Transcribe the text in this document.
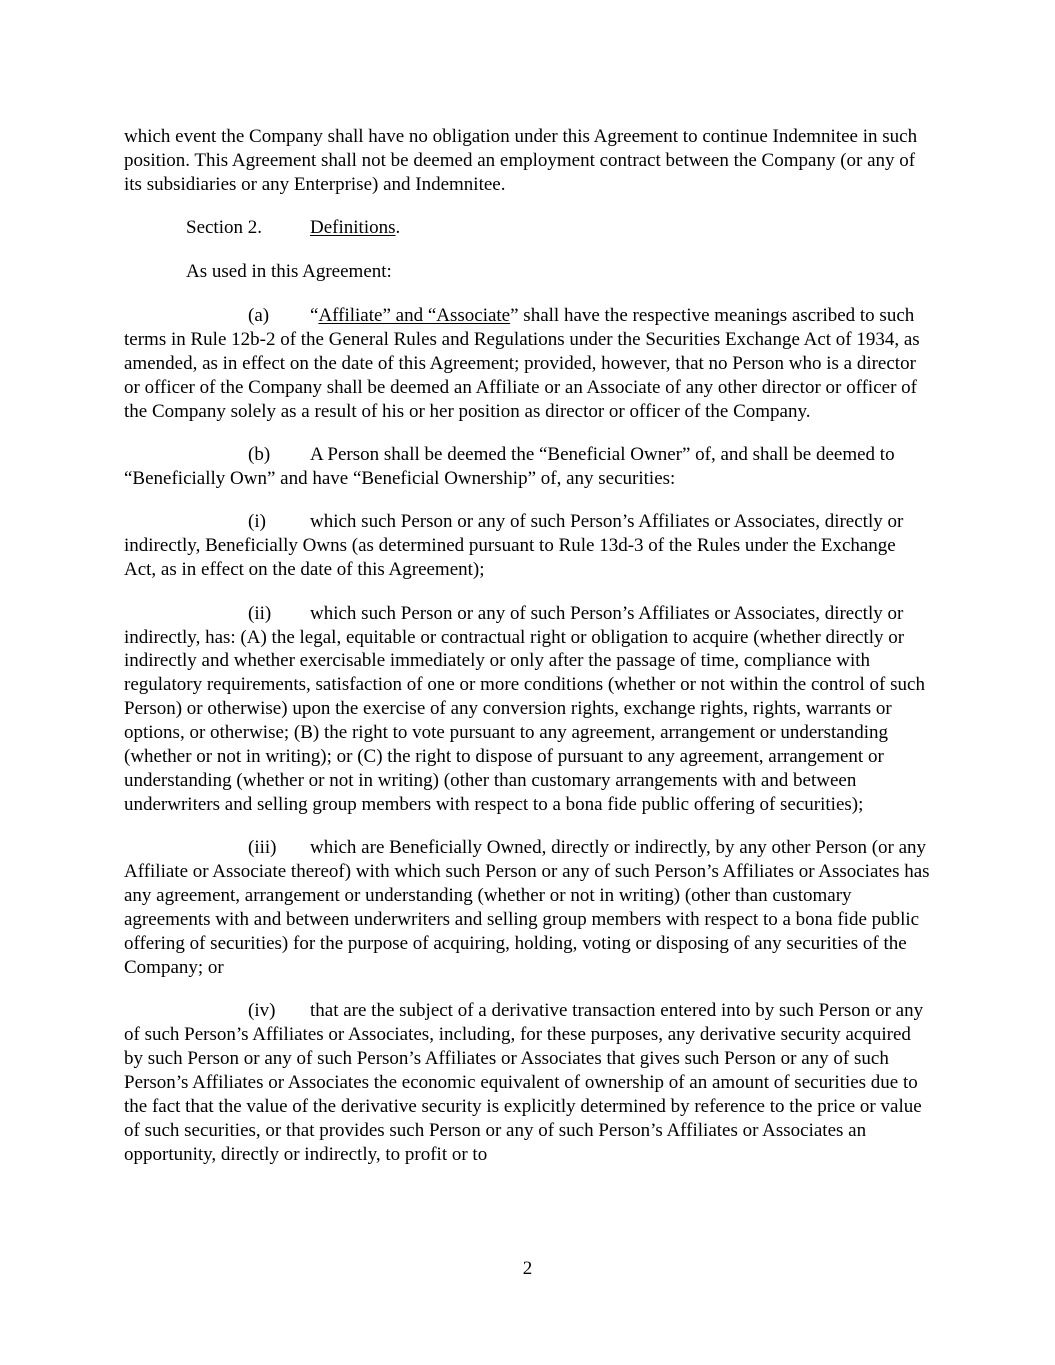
which event the Company shall have no obligation under this Agreement to continue Indemnitee in such position. This Agreement shall not be deemed an employment contract between the Company (or any of its subsidiaries or any Enterprise) and Indemnitee.

Section 2.	Definitions.

As used in this Agreement:

(a) “Affiliate” and “Associate” shall have the respective meanings ascribed to such terms in Rule 12b-2 of the General Rules and Regulations under the Securities Exchange Act of 1934, as amended, as in effect on the date of this Agreement; provided, however, that no Person who is a director or officer of the Company shall be deemed an Affiliate or an Associate of any other director or officer of the Company solely as a result of his or her position as director or officer of the Company.

(b) A Person shall be deemed the “Beneficial Owner” of, and shall be deemed to “Beneficially Own” and have “Beneficial Ownership” of, any securities:

(i) which such Person or any of such Person’s Affiliates or Associates, directly or indirectly, Beneficially Owns (as determined pursuant to Rule 13d-3 of the Rules under the Exchange Act, as in effect on the date of this Agreement);

(ii) which such Person or any of such Person’s Affiliates or Associates, directly or indirectly, has: (A) the legal, equitable or contractual right or obligation to acquire (whether directly or indirectly and whether exercisable immediately or only after the passage of time, compliance with regulatory requirements, satisfaction of one or more conditions (whether or not within the control of such Person) or otherwise) upon the exercise of any conversion rights, exchange rights, rights, warrants or options, or otherwise; (B) the right to vote pursuant to any agreement, arrangement or understanding (whether or not in writing); or (C) the right to dispose of pursuant to any agreement, arrangement or understanding (whether or not in writing) (other than customary arrangements with and between underwriters and selling group members with respect to a bona fide public offering of securities);

(iii) which are Beneficially Owned, directly or indirectly, by any other Person (or any Affiliate or Associate thereof) with which such Person or any of such Person’s Affiliates or Associates has any agreement, arrangement or understanding (whether or not in writing) (other than customary agreements with and between underwriters and selling group members with respect to a bona fide public offering of securities) for the purpose of acquiring, holding, voting or disposing of any securities of the Company; or

(iv) that are the subject of a derivative transaction entered into by such Person or any of such Person’s Affiliates or Associates, including, for these purposes, any derivative security acquired by such Person or any of such Person’s Affiliates or Associates that gives such Person or any of such Person’s Affiliates or Associates the economic equivalent of ownership of an amount of securities due to the fact that the value of the derivative security is explicitly determined by reference to the price or value of such securities, or that provides such Person or any of such Person’s Affiliates or Associates an opportunity, directly or indirectly, to profit or to

2
